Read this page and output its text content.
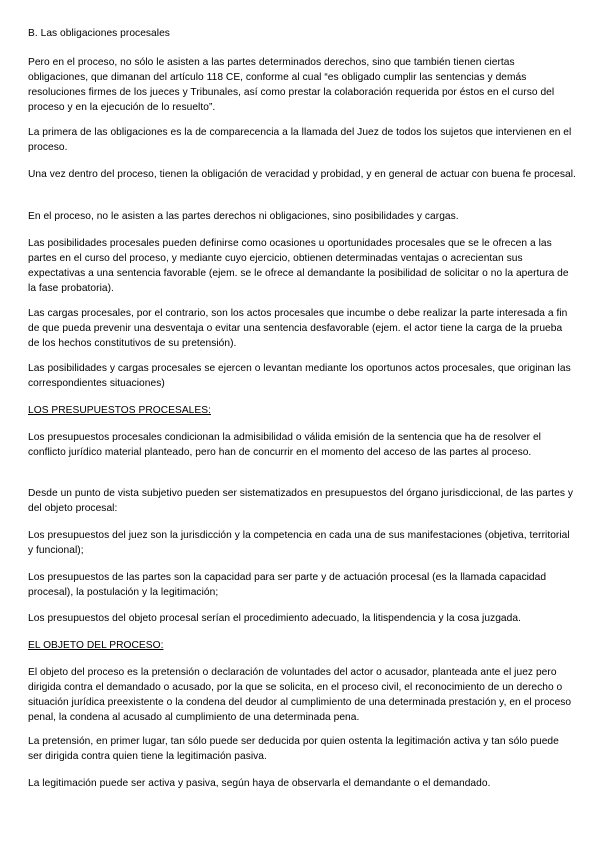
B. Las obligaciones procesales

Pero en el proceso, no sólo le asisten a las partes determinados derechos, sino que también tienen ciertas obligaciones, que dimanan del artículo 118 CE, conforme al cual “es obligado cumplir las sentencias y demás resoluciones firmes de los jueces y Tribunales, así como prestar la colaboración requerida por éstos en el curso del proceso y en la ejecución de lo resuelto”.

La primera de las obligaciones es la de comparecencia a la llamada del Juez de todos los sujetos que intervienen en el proceso.

Una vez dentro del proceso, tienen la obligación de veracidad y probidad, y en general de actuar con buena fe procesal.

En el proceso, no le asisten a las partes derechos ni obligaciones, sino posibilidades y cargas.

Las posibilidades procesales pueden definirse como ocasiones u oportunidades procesales que se le ofrecen a las partes en el curso del proceso, y mediante cuyo ejercicio, obtienen determinadas ventajas o acrecientan sus expectativas a una sentencia favorable (ejem. se le ofrece al demandante la posibilidad de solicitar o no la apertura de la fase probatoria).

Las cargas procesales, por el contrario, son los actos procesales que incumbe o debe realizar la parte interesada a fin de que pueda prevenir una desventaja o evitar una sentencia desfavorable (ejem. el actor tiene la carga de la prueba de los hechos constitutivos de su pretensión).

Las posibilidades y cargas procesales se ejercen o levantan mediante los oportunos actos procesales, que originan las correspondientes situaciones)

LOS PRESUPUESTOS PROCESALES:

Los presupuestos procesales condicionan la admisibilidad o válida emisión de la sentencia que ha de resolver el conflicto jurídico material planteado, pero han de concurrir en el momento del acceso de las partes al proceso.

Desde un punto de vista subjetivo pueden ser sistematizados en presupuestos del órgano jurisdiccional, de las partes y del objeto procesal:

Los presupuestos del juez son la jurisdicción y la competencia en cada una de sus manifestaciones (objetiva, territorial y funcional);

Los presupuestos de las partes son la capacidad para ser parte y de actuación procesal (es la llamada capacidad procesal), la postulación y la legitimación;

Los presupuestos del objeto procesal serían el procedimiento adecuado, la litispendencia y la cosa juzgada.

EL OBJETO DEL PROCESO:

El objeto del proceso es la pretensión o declaración de voluntades del actor o acusador, planteada ante el juez pero dirigida contra el demandado o acusado, por la que se solicita, en el proceso civil, el reconocimiento de un derecho o situación jurídica preexistente o la condena del deudor al cumplimiento de una determinada prestación y, en el proceso penal, la condena al acusado al cumplimiento de una determinada pena.

La pretensión, en primer lugar, tan sólo puede ser deducida por quien ostenta la legitimación activa y tan sólo puede ser dirigida contra quien tiene la legitimación pasiva.

La legitimación puede ser activa y pasiva, según haya de observarla el demandante o el demandado.
